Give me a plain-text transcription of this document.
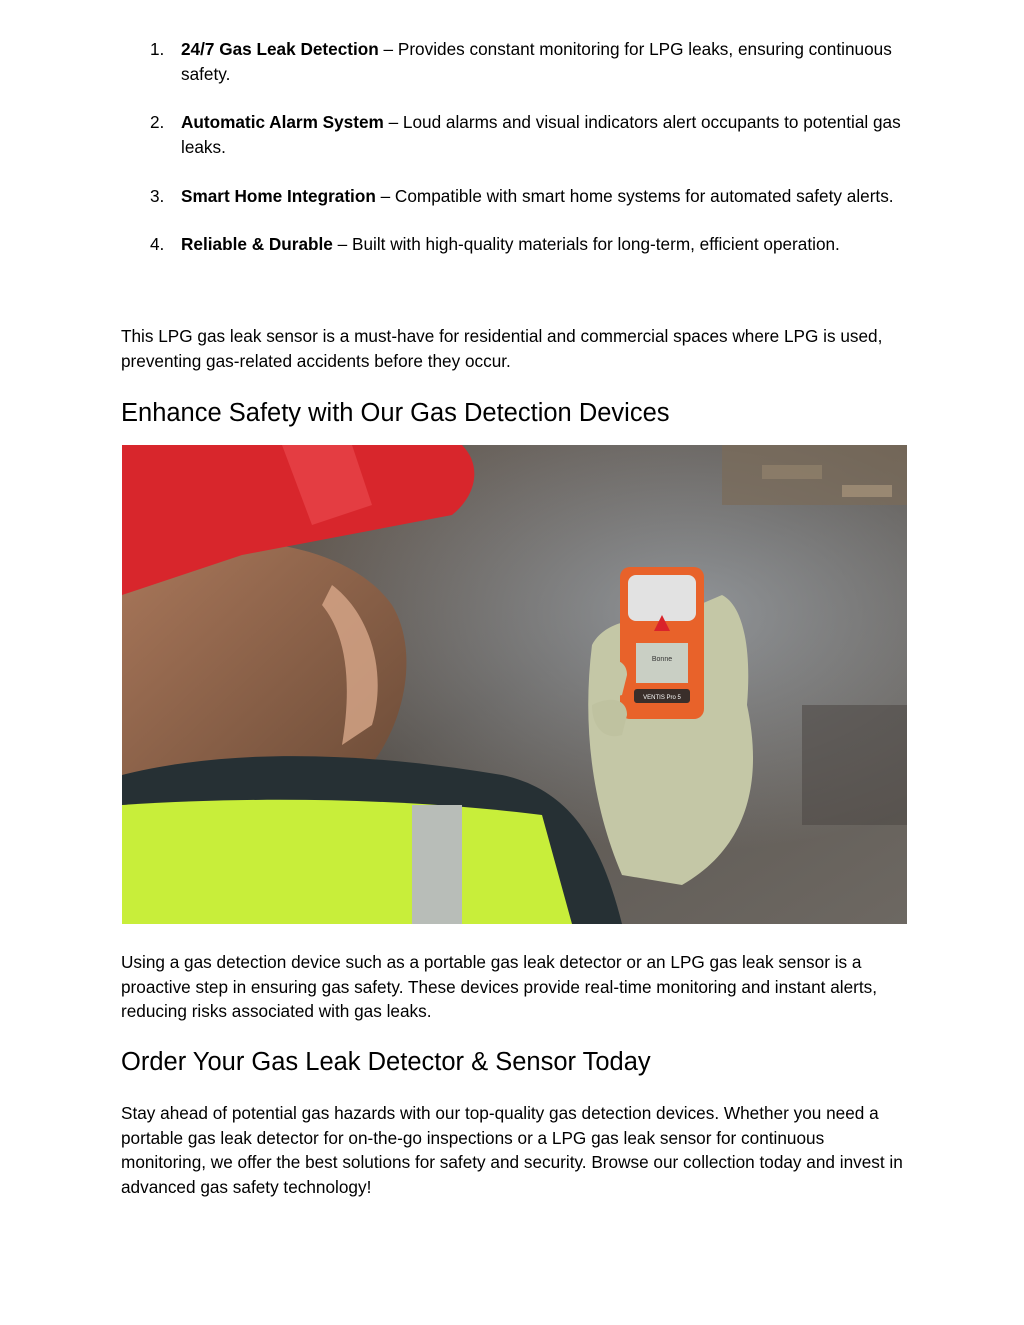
1. 24/7 Gas Leak Detection – Provides constant monitoring for LPG leaks, ensuring continuous safety.
2. Automatic Alarm System – Loud alarms and visual indicators alert occupants to potential gas leaks.
3. Smart Home Integration – Compatible with smart home systems for automated safety alerts.
4. Reliable & Durable – Built with high-quality materials for long-term, efficient operation.

This LPG gas leak sensor is a must-have for residential and commercial spaces where LPG is used, preventing gas-related accidents before they occur.

Enhance Safety with Our Gas Detection Devices
Bonne
VENTIS Pro 5

Using a gas detection device such as a portable gas leak detector or an LPG gas leak sensor is a proactive step in ensuring gas safety. These devices provide real-time monitoring and instant alerts, reducing risks associated with gas leaks.

Order Your Gas Leak Detector & Sensor Today

Stay ahead of potential gas hazards with our top-quality gas detection devices. Whether you need a portable gas leak detector for on-the-go inspections or a LPG gas leak sensor for continuous monitoring, we offer the best solutions for safety and security. Browse our collection today and invest in advanced gas safety technology!
